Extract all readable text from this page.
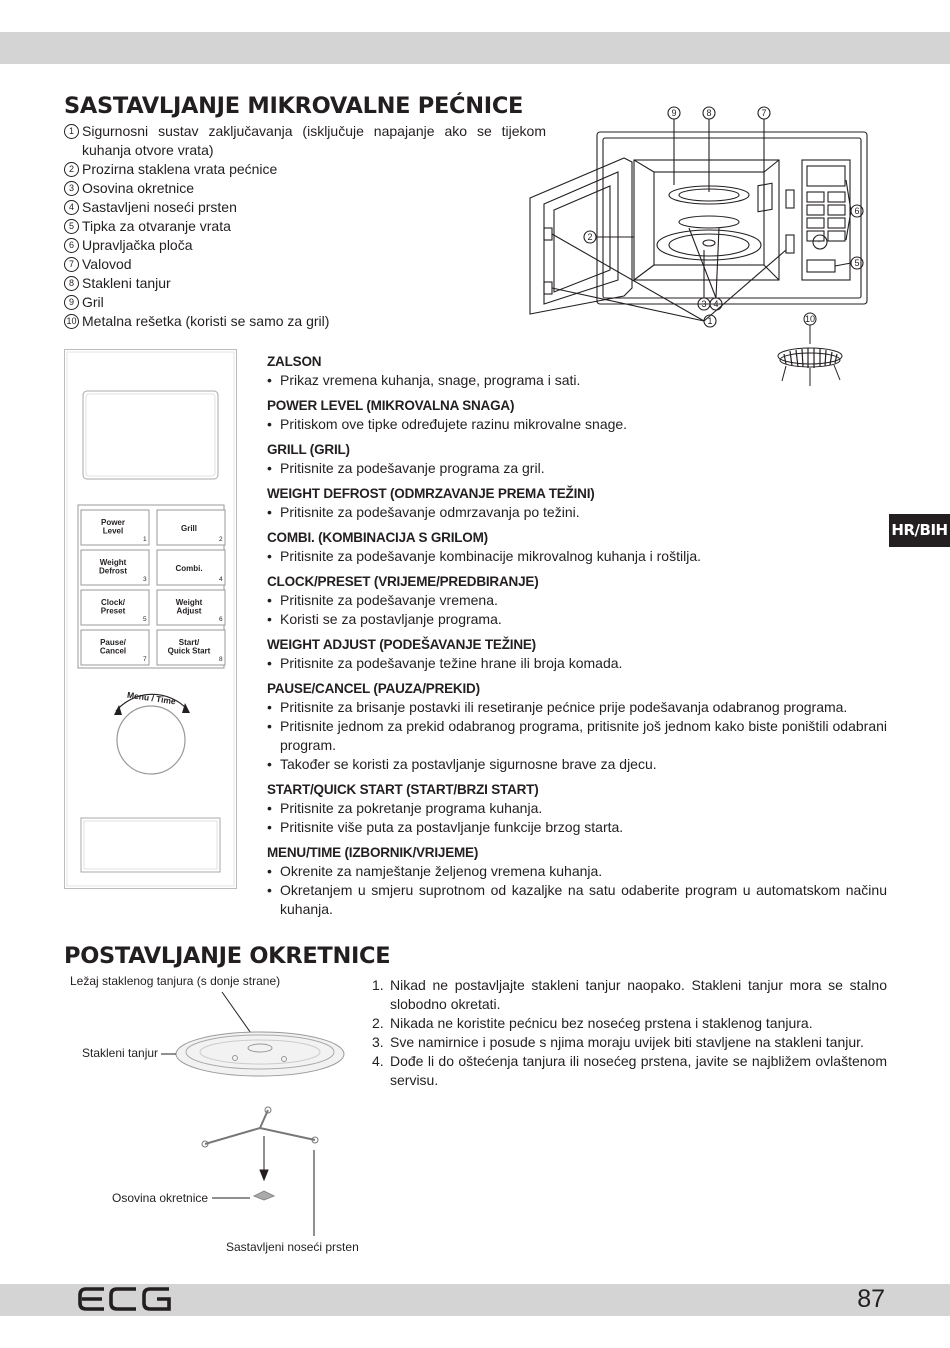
SASTAVLJANJE MIKROVALNE PEĆNICE
1 Sigurnosni sustav zaključavanja (isključuje napajanje ako se tijekom kuhanja otvore vrata)
2 Prozirna staklena vrata pećnice
3 Osovina okretnice
4 Sastavljeni noseći prsten
5 Tipka za otvaranje vrata
6 Upravljačka ploča
7 Valovod
8 Stakleni tanjur
9 Gril
10 Metalna rešetka (koristi se samo za gril)
9	8	7
6
5
2
3 4
1	10
HR/BIH
Power
Level
1
Grill
2
Weight
Defrost
3
Combi.
4
Clock/
Preset
5
Weight
Adjust
6
Pause/
Cancel
7
Start/
Quick Start
8
Menu / Time
ZALSON
• Prikaz vremena kuhanja, snage, programa i sati.
POWER LEVEL (MIKROVALNA SNAGA)
• Pritiskom ove tipke određujete razinu mikrovalne snage.
GRILL (GRIL)
• Pritisnite za podešavanje programa za gril.
WEIGHT DEFROST (ODMRZAVANJE PREMA TEŽINI)
• Pritisnite za podešavanje odmrzavanja po težini.
COMBI. (KOMBINACIJA S GRILOM)
• Pritisnite za podešavanje kombinacije mikrovalnog kuhanja i roštilja.
CLOCK/PRESET (VRIJEME/PREDBIRANJE)
• Pritisnite za podešavanje vremena.
• Koristi se za postavljanje programa.
WEIGHT ADJUST (PODEŠAVANJE TEŽINE)
• Pritisnite za podešavanje težine hrane ili broja komada.
PAUSE/CANCEL (PAUZA/PREKID)
• Pritisnite za brisanje postavki ili resetiranje pećnice prije podešavanja odabranog programa.
• Pritisnite jednom za prekid odabranog programa, pritisnite još jednom kako biste poništili odabrani program.
• Također se koristi za postavljanje sigurnosne brave za djecu.
START/QUICK START (START/BRZI START)
• Pritisnite za pokretanje programa kuhanja.
• Pritisnite više puta za postavljanje funkcije brzog starta.
MENU/TIME (IZBORNIK/VRIJEME)
• Okrenite za namještanje željenog vremena kuhanja.
• Okretanjem u smjeru suprotnom od kazaljke na satu odaberite program u automatskom načinu kuhanja.
POSTAVLJANJE OKRETNICE
Ležaj staklenog tanjura (s donje strane)
Stakleni tanjur
Osovina okretnice
Sastavljeni noseći prsten
1. Nikad ne postavljajte stakleni tanjur naopako. Stakleni tanjur mora se stalno slobodno okretati.
2. Nikada ne koristite pećnicu bez nosećeg prstena i staklenog tanjura.
3. Sve namirnice i posude s njima moraju uvijek biti stavljene na stakleni tanjur.
4. Dođe li do oštećenja tanjura ili nosećeg prstena, javite se najbližem ovlaštenom servisu.
ECG	87
